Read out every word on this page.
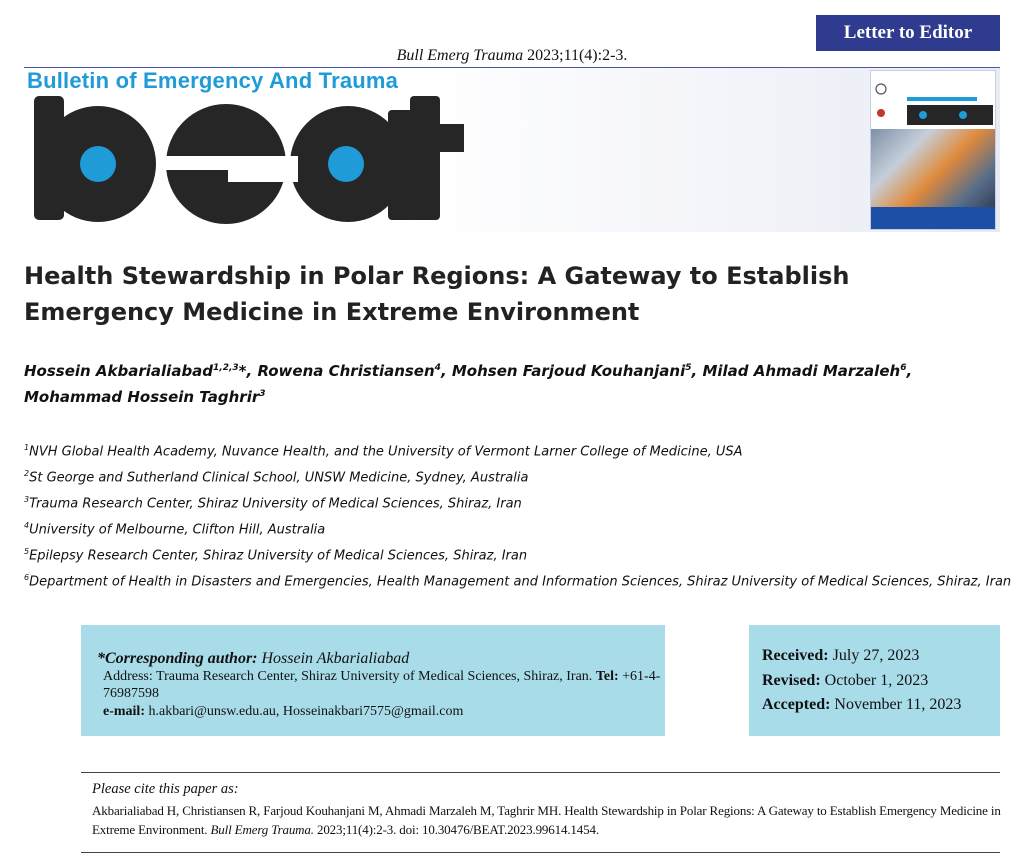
Letter to Editor
Bull Emerg Trauma 2023;11(4):2-3.
Bulletin of Emergency And Trauma
Health Stewardship in Polar Regions: A Gateway to Establish
Emergency Medicine in Extreme Environment
Hossein Akbarialiabad$^{1,2,3}$*, Rowena Christiansen$^4$, Mohsen Farjoud Kouhanjani$^5$, Milad Ahmadi Marzaleh$^6$,
Mohammad Hossein Taghrir$^3$
$^1$NVH Global Health Academy, Nuvance Health, and the University of Vermont Larner College of Medicine, USA
$^2$St George and Sutherland Clinical School, UNSW Medicine, Sydney, Australia
$^3$Trauma Research Center, Shiraz University of Medical Sciences, Shiraz, Iran
$^4$University of Melbourne, Clifton Hill, Australia
$^5$Epilepsy Research Center, Shiraz University of Medical Sciences, Shiraz, Iran
$^6$Department of Health in Disasters and Emergencies, Health Management and Information Sciences, Shiraz University of Medical Sciences, Shiraz, Iran
*Corresponding author: Hossein Akbarialiabad
Address: Trauma Research Center, Shiraz University of Medical Sciences, Shiraz, Iran. Tel: +61-4-76987598
e-mail: h.akbari@unsw.edu.au, Hosseinakbari7575@gmail.com
Received: July 27, 2023
Revised: October 1, 2023
Accepted: November 11, 2023
Please cite this paper as:
Akbarialiabad H, Christiansen R, Farjoud Kouhanjani M, Ahmadi Marzaleh M, Taghrir MH. Health Stewardship in Polar Regions: A Gateway to Establish Emergency Medicine in Extreme Environment. Bull Emerg Trauma. 2023;11(4):2-3. doi: 10.30476/BEAT.2023.99614.1454.
